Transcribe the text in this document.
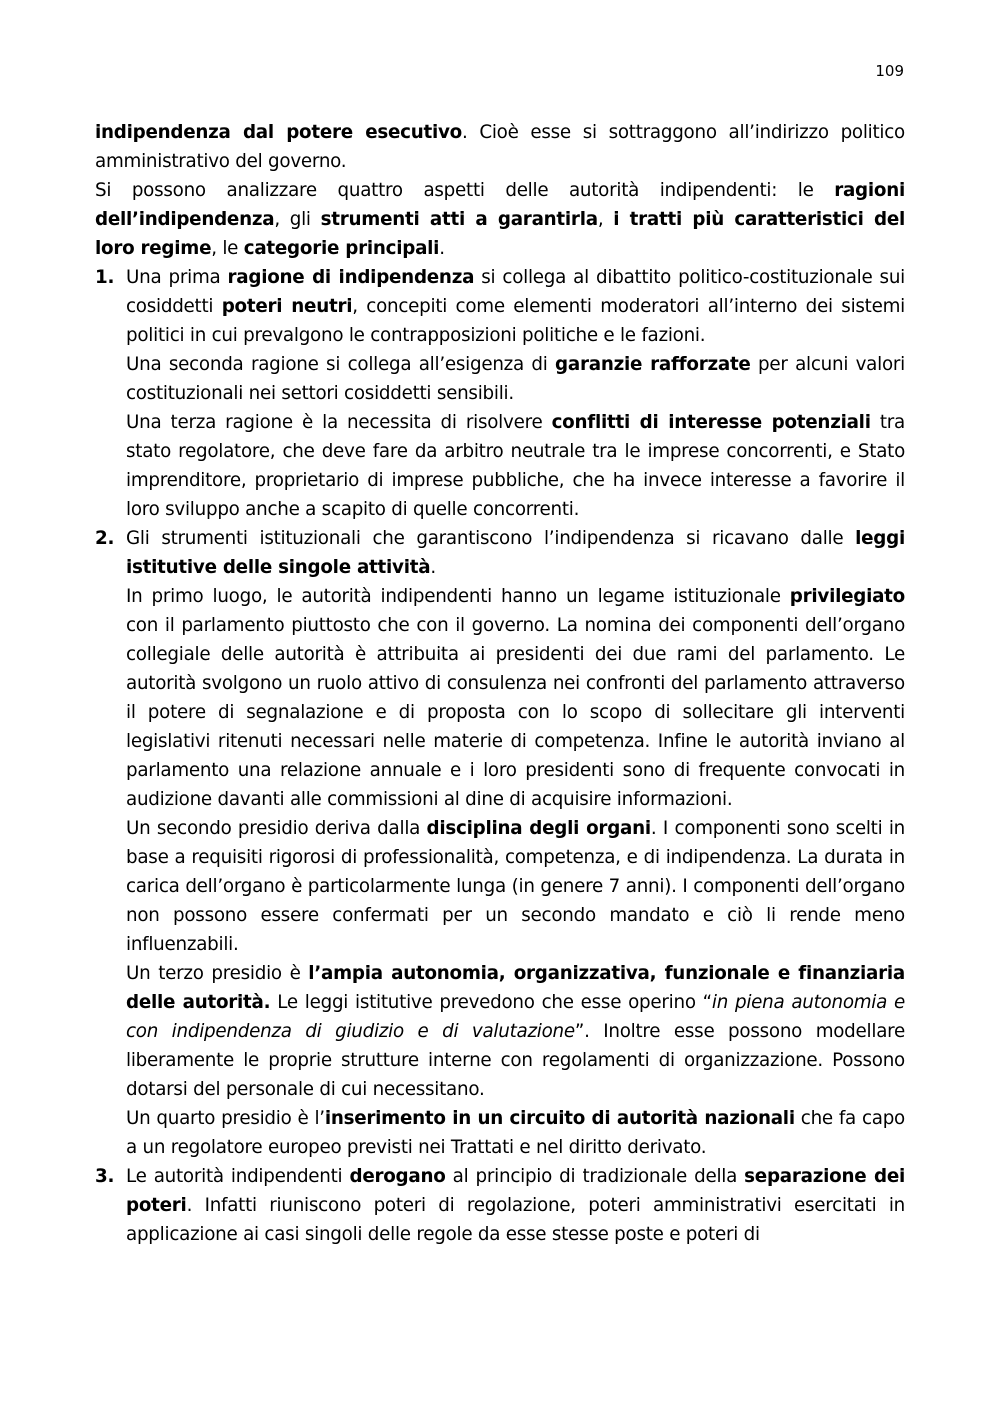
109

indipendenza dal potere esecutivo. Cioè esse si sottraggono all’indirizzo politico amministrativo del governo.

Si possono analizzare quattro aspetti delle autorità indipendenti: le ragioni dell’indipendenza, gli strumenti atti a garantirla, i tratti più caratteristici del loro regime, le categorie principali.

1. Una prima ragione di indipendenza si collega al dibattito politico-costituzionale sui cosiddetti poteri neutri, concepiti come elementi moderatori all’interno dei sistemi politici in cui prevalgono le contrapposizioni politiche e le fazioni.

Una seconda ragione si collega all’esigenza di garanzie rafforzate per alcuni valori costituzionali nei settori cosiddetti sensibili.

Una terza ragione è la necessita di risolvere conflitti di interesse potenziali tra stato regolatore, che deve fare da arbitro neutrale tra le imprese concorrenti, e Stato imprenditore, proprietario di imprese pubbliche, che ha invece interesse a favorire il loro sviluppo anche a scapito di quelle concorrenti.

2. Gli strumenti istituzionali che garantiscono l’indipendenza si ricavano dalle leggi istitutive delle singole attività.

In primo luogo, le autorità indipendenti hanno un legame istituzionale privilegiato con il parlamento piuttosto che con il governo. La nomina dei componenti dell’organo collegiale delle autorità è attribuita ai presidenti dei due rami del parlamento. Le autorità svolgono un ruolo attivo di consulenza nei confronti del parlamento attraverso il potere di segnalazione e di proposta con lo scopo di sollecitare gli interventi legislativi ritenuti necessari nelle materie di competenza. Infine le autorità inviano al parlamento una relazione annuale e i loro presidenti sono di frequente convocati in audizione davanti alle commissioni al dine di acquisire informazioni.

Un secondo presidio deriva dalla disciplina degli organi. I componenti sono scelti in base a requisiti rigorosi di professionalità, competenza, e di indipendenza. La durata in carica dell’organo è particolarmente lunga (in genere 7 anni). I componenti dell’organo non possono essere confermati per un secondo mandato e ciò li rende meno influenzabili.

Un terzo presidio è l’ampia autonomia, organizzativa, funzionale e finanziaria delle autorità. Le leggi istitutive prevedono che esse operino “in piena autonomia e con indipendenza di giudizio e di valutazione”. Inoltre esse possono modellare liberamente le proprie strutture interne con regolamenti di organizzazione. Possono dotarsi del personale di cui necessitano.

Un quarto presidio è l’inserimento in un circuito di autorità nazionali che fa capo a un regolatore europeo previsti nei Trattati e nel diritto derivato.

3. Le autorità indipendenti derogano al principio di tradizionale della separazione dei poteri. Infatti riuniscono poteri di regolazione, poteri amministrativi esercitati in applicazione ai casi singoli delle regole da esse stesse poste e poteri di
